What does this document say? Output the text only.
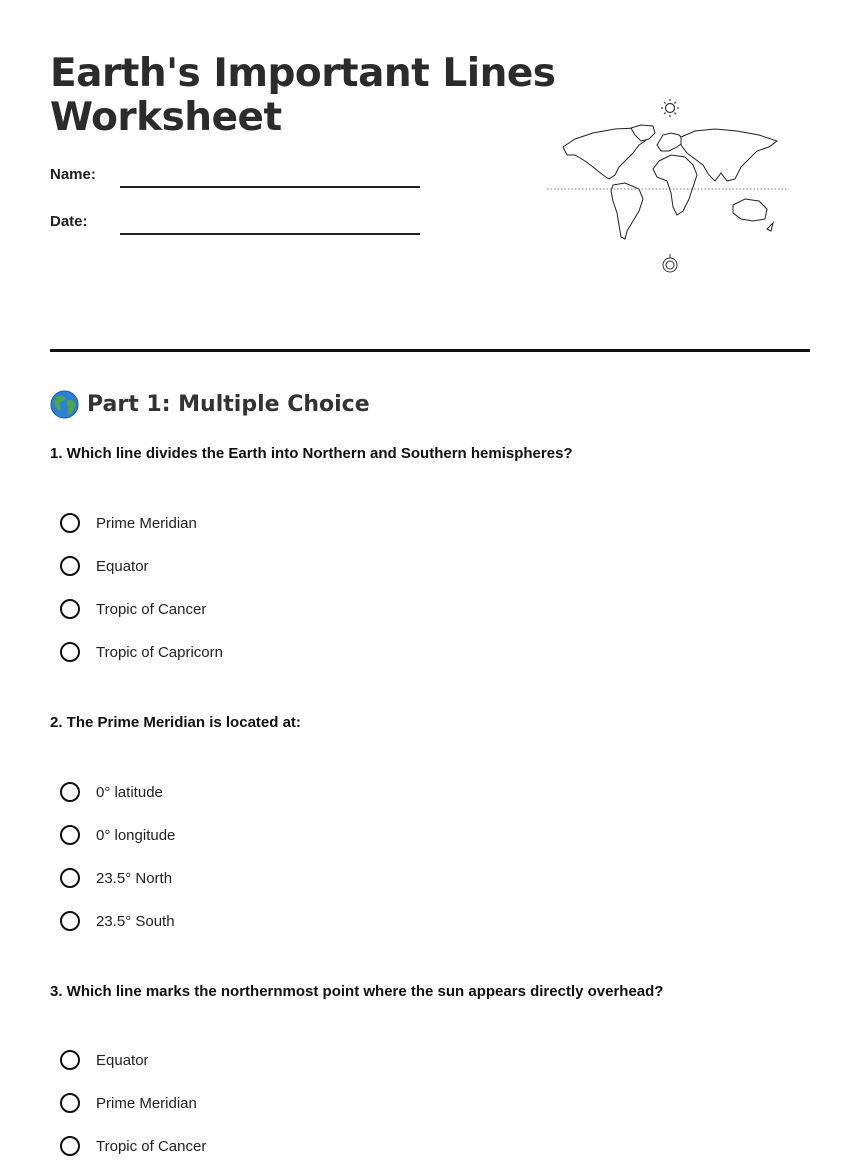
Earth's Important Lines
Worksheet
Name:
Date:
Part 1: Multiple Choice
1. Which line divides the Earth into Northern and Southern hemispheres?
Prime Meridian
Equator
Tropic of Cancer
Tropic of Capricorn
2. The Prime Meridian is located at:
0° latitude
0° longitude
23.5° North
23.5° South
3. Which line marks the northernmost point where the sun appears directly overhead?
Equator
Prime Meridian
Tropic of Cancer
